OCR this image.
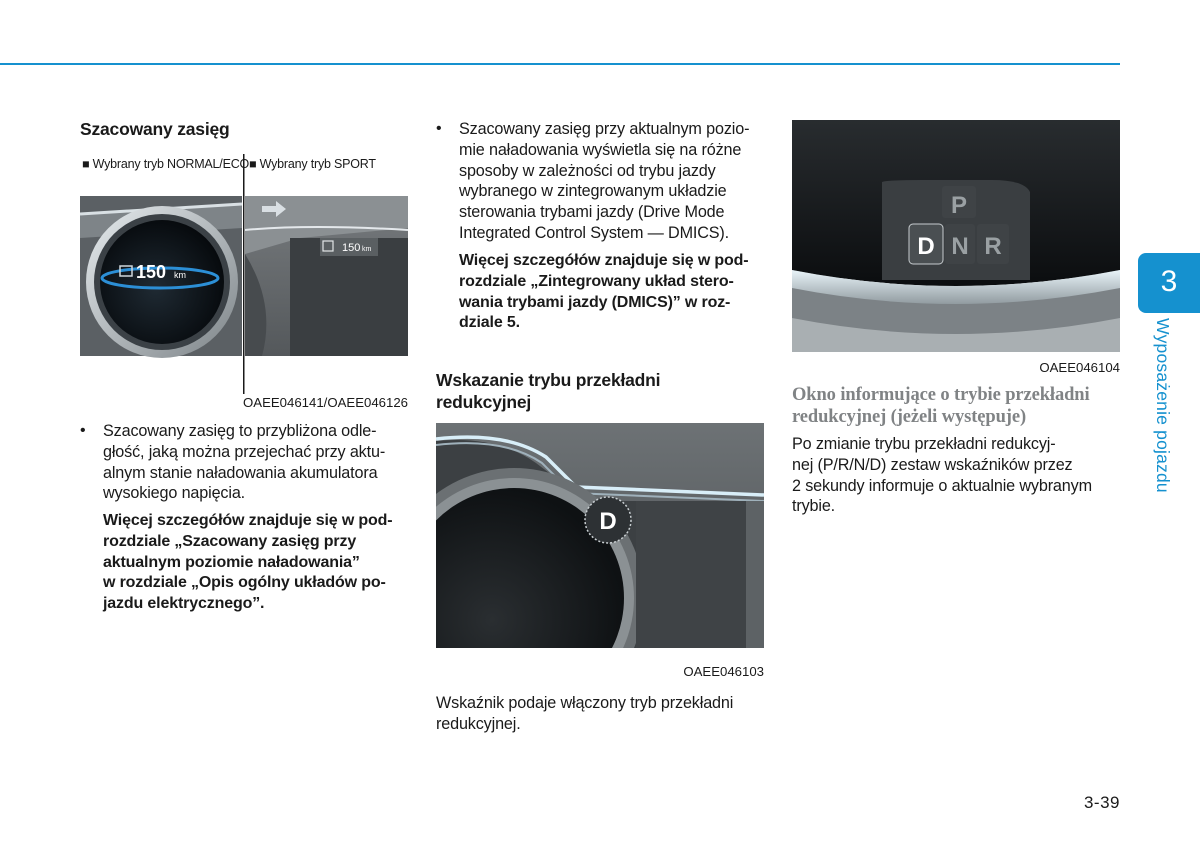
Szacowany zasięg
150 km
150 km
■ Wybrany tryb NORMAL/ECO ■ Wybrany tryb SPORT
OAEE046141/OAEE046126
• Szacowany zasięg to przybliżona odle-
głość, jaką można przejechać przy aktu-
alnym stanie naładowania akumulatora
wysokiego napięcia.
Więcej szczegółów znajduje się w pod-
rozdziale „Szacowany zasięg przy
aktualnym poziomie naładowania”
w rozdziale „Opis ogólny układów po-
jazdu elektrycznego”.
• Szacowany zasięg przy aktualnym pozio-
mie naładowania wyświetla się na różne
sposoby w zależności od trybu jazdy
wybranego w zintegrowanym układzie
sterowania trybami jazdy (Drive Mode
Integrated Control System — DMICS).
Więcej szczegółów znajduje się w pod-
rozdziale „Zintegrowany układ stero-
wania trybami jazdy (DMICS)” w roz-
dziale 5.
Wskazanie trybu przekładni
redukcyjnej
D
OAEE046103
Wskaźnik podaje włączony tryb przekładni
redukcyjnej.
P
D N R
OAEE046104
Okno informujące o trybie przekładni
redukcyjnej (jeżeli występuje)
Po zmianie trybu przekładni redukcyj-
nej (P/R/N/D) zestaw wskaźników przez
2 sekundy informuje o aktualnie wybranym
trybie.
3
Wyposażenie pojazdu
3-39
